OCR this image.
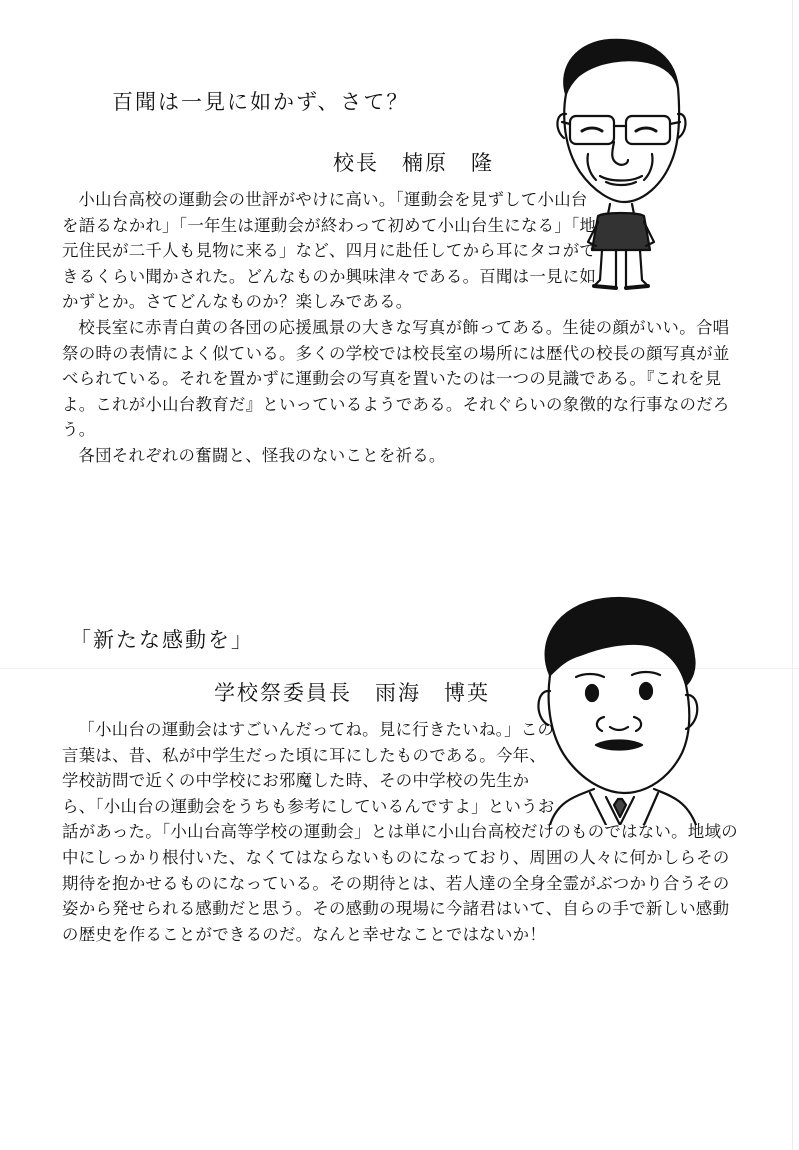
百聞は一見に如かず、さて？
校長　楠原　隆

小山台高校の運動会の世評がやけに高い。「運動会を見ずして小山台を語るなかれ」「一年生は運動会が終わって初めて小山台生になる」「地元住民が二千人も見物に来る」など、四月に赴任してから耳にタコができるくらい聞かされた。どんなものか興味津々である。百聞は一見に如かずとか。さてどんなものか？楽しみである。

校長室に赤青白黄の各団の応援風景の大きな写真が飾ってある。生徒の顔がいい。合唱祭の時の表情によく似ている。多くの学校では校長室の場所には歴代の校長の顔写真が並べられている。それを置かずに運動会の写真を置いたのは一つの見識である。『これを見よ。これが小山台教育だ』といっているようである。それぐらいの象徴的な行事なのだろう。

各団それぞれの奮闘と、怪我のないことを祈る。

「新たな感動を」
学校祭委員長　雨海　博英

「小山台の運動会はすごいんだってね。見に行きたいね。」この言葉は、昔、私が中学生だった頃に耳にしたものである。今年、学校訪問で近くの中学校にお邪魔した時、その中学校の先生から、「小山台の運動会をうちも参考にしているんですよ」というお話があった。「小山台高等学校の運動会」とは単に小山台高校だけのものではない。地域の中にしっかり根付いた、なくてはならないものになっており、周囲の人々に何かしらその期待を抱かせるものになっている。その期待とは、若人達の全身全霊がぶつかり合うその姿から発せられる感動だと思う。その感動の現場に今諸君はいて、自らの手で新しい感動の歴史を作ることができるのだ。なんと幸せなことではないか！
